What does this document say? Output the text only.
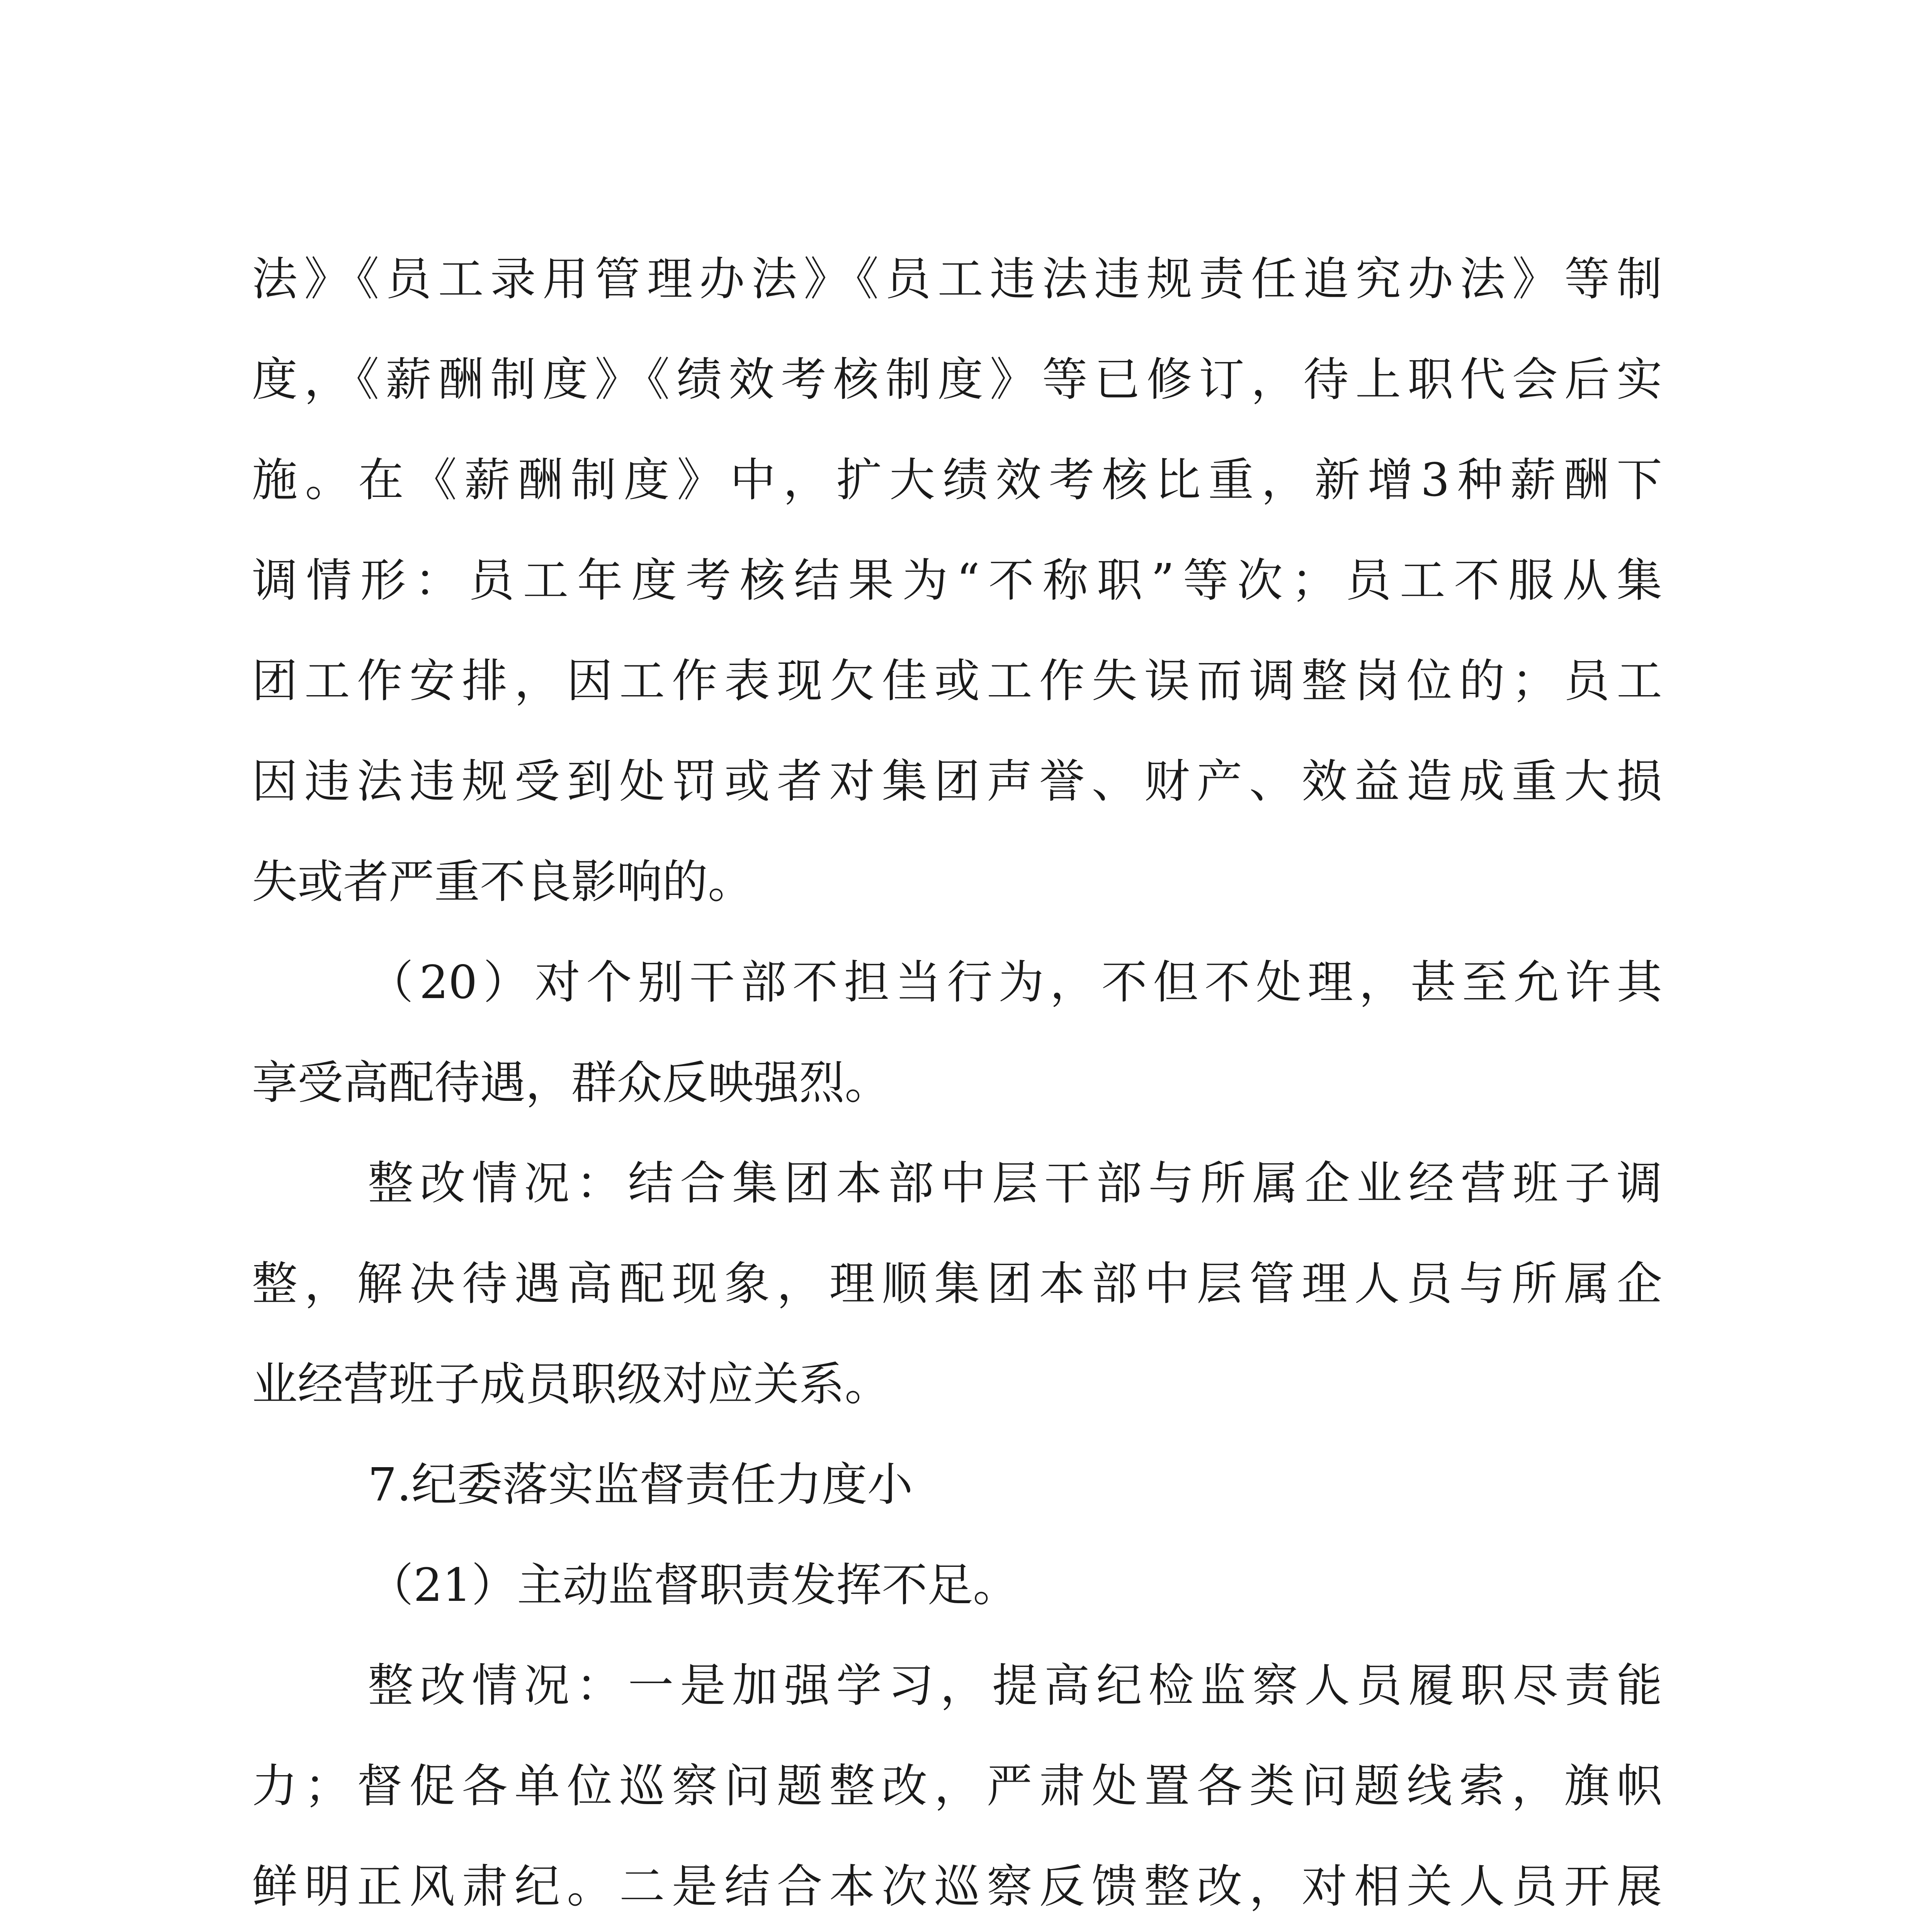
法》《员工录用管理办法》《员工违法违规责任追究办法》等制
度，《薪酬制度》《绩效考核制度》等已修订，待上职代会后实
施。在《薪酬制度》中，扩大绩效考核比重，新增3种薪酬下
调情形：员工年度考核结果为“不称职”等次；员工不服从集
团工作安排，因工作表现欠佳或工作失误而调整岗位的；员工
因违法违规受到处罚或者对集团声誉、财产、效益造成重大损
失或者严重不良影响的。
（20）对个别干部不担当行为，不但不处理，甚至允许其
享受高配待遇，群众反映强烈。
整改情况：结合集团本部中层干部与所属企业经营班子调
整，解决待遇高配现象，理顺集团本部中层管理人员与所属企
业经营班子成员职级对应关系。
7.纪委落实监督责任力度小
（21）主动监督职责发挥不足。
整改情况：一是加强学习，提高纪检监察人员履职尽责能
力；督促各单位巡察问题整改，严肃处置各类问题线索，旗帜
鲜明正风肃纪。二是结合本次巡察反馈整改，对相关人员开展
